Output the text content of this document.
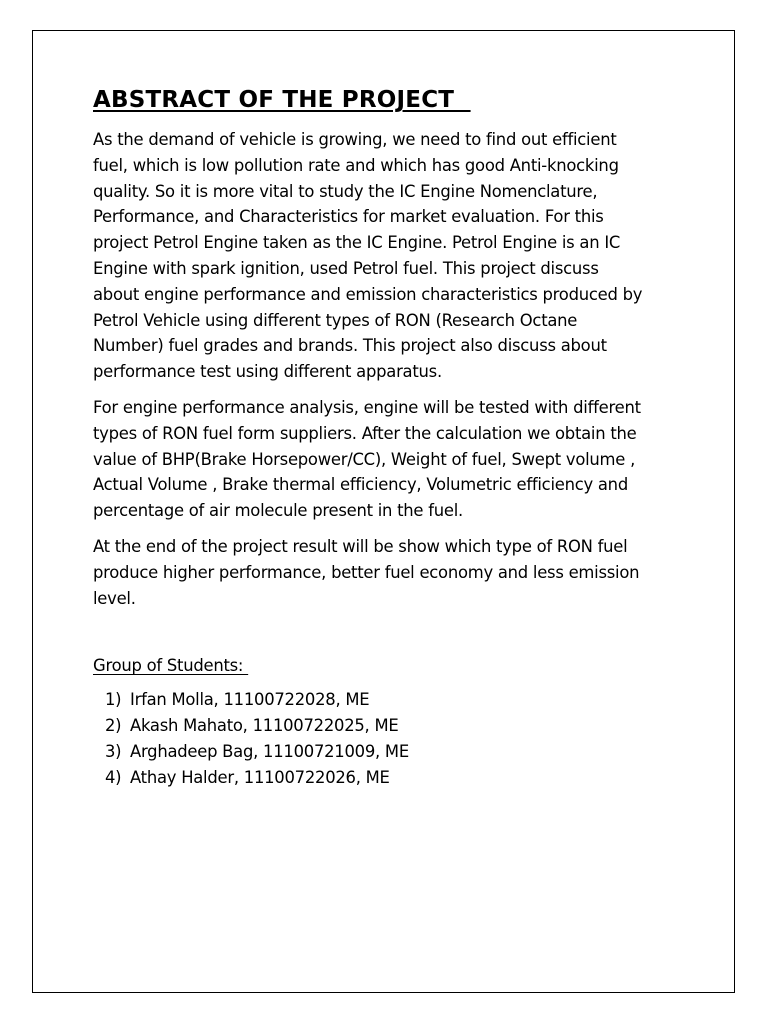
ABSTRACT OF THE PROJECT

As the demand of vehicle is growing, we need to find out efficient
fuel, which is low pollution rate and which has good Anti-knocking
quality. So it is more vital to study the IC Engine Nomenclature,
Performance, and Characteristics for market evaluation. For this
project Petrol Engine taken as the IC Engine. Petrol Engine is an IC
Engine with spark ignition, used Petrol fuel. This project discuss
about engine performance and emission characteristics produced by
Petrol Vehicle using different types of RON (Research Octane
Number) fuel grades and brands. This project also discuss about
performance test using different apparatus.

For engine performance analysis, engine will be tested with different
types of RON fuel form suppliers. After the calculation we obtain the
value of BHP(Brake Horsepower/CC), Weight of fuel, Swept volume ,
Actual Volume , Brake thermal efficiency, Volumetric efficiency and
percentage of air molecule present in the fuel.

At the end of the project result will be show which type of RON fuel
produce higher performance, better fuel economy and less emission
level.

Group of Students:

1) Irfan Molla, 11100722028, ME
2) Akash Mahato, 11100722025, ME
3) Arghadeep Bag, 11100721009, ME
4) Athay Halder, 11100722026, ME
